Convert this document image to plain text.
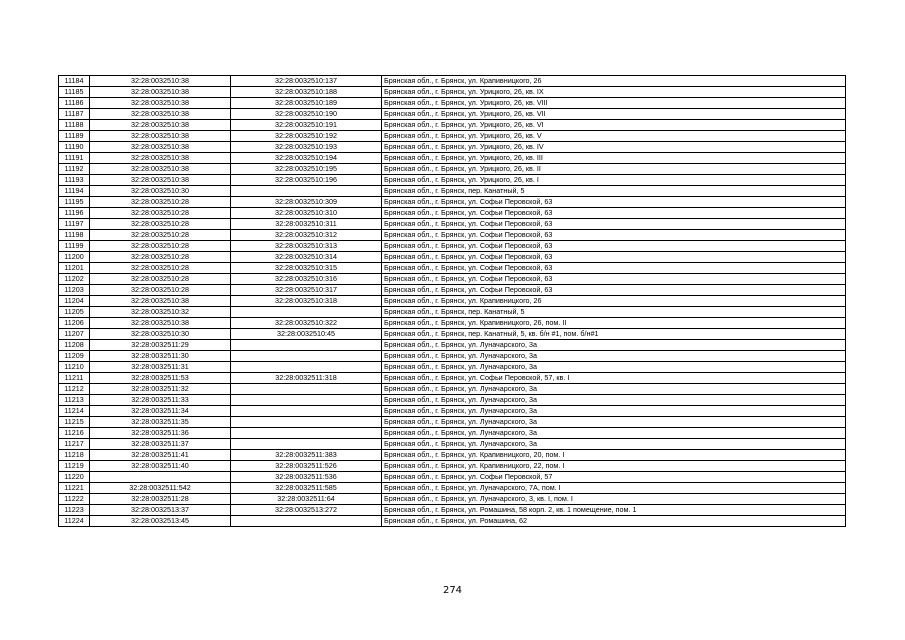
11184	32:28:0032510:38	32:28:0032510:137	Брянская обл., г. Брянск, ул. Крапивницкого, 26
11185	32:28:0032510:38	32:28:0032510:188	Брянская обл., г. Брянск, ул. Урицкого, 26, кв. IX
11186	32:28:0032510:38	32:28:0032510:189	Брянская обл., г. Брянск, ул. Урицкого, 26, кв. VIII
11187	32:28:0032510:38	32:28:0032510:190	Брянская обл., г. Брянск, ул. Урицкого, 26, кв. VII
11188	32:28:0032510:38	32:28:0032510:191	Брянская обл., г. Брянск, ул. Урицкого, 26, кв. VI
11189	32:28:0032510:38	32:28:0032510:192	Брянская обл., г. Брянск, ул. Урицкого, 26, кв. V
11190	32:28:0032510:38	32:28:0032510:193	Брянская обл., г. Брянск, ул. Урицкого, 26, кв. IV
11191	32:28:0032510:38	32:28:0032510:194	Брянская обл., г. Брянск, ул. Урицкого, 26, кв. III
11192	32:28:0032510:38	32:28:0032510:195	Брянская обл., г. Брянск, ул. Урицкого, 26, кв. II
11193	32:28:0032510:38	32:28:0032510:196	Брянская обл., г. Брянск, ул. Урицкого, 26, кв. I
11194	32:28:0032510:30		Брянская обл., г. Брянск, пер. Канатный, 5
11195	32:28:0032510:28	32:28:0032510:309	Брянская обл., г. Брянск, ул. Софьи Перовской, 63
11196	32:28:0032510:28	32:28:0032510:310	Брянская обл., г. Брянск, ул. Софьи Перовской, 63
11197	32:28:0032510:28	32:28:0032510:311	Брянская обл., г. Брянск, ул. Софьи Перовской, 63
11198	32:28:0032510:28	32:28:0032510:312	Брянская обл., г. Брянск, ул. Софьи Перовской, 63
11199	32:28:0032510:28	32:28:0032510:313	Брянская обл., г. Брянск, ул. Софьи Перовской, 63
11200	32:28:0032510:28	32:28:0032510:314	Брянская обл., г. Брянск, ул. Софьи Перовской, 63
11201	32:28:0032510:28	32:28:0032510:315	Брянская обл., г. Брянск, ул. Софьи Перовской, 63
11202	32:28:0032510:28	32:28:0032510:316	Брянская обл., г. Брянск, ул. Софьи Перовской, 63
11203	32:28:0032510:28	32:28:0032510:317	Брянская обл., г. Брянск, ул. Софьи Перовской, 63
11204	32:28:0032510:38	32:28:0032510:318	Брянская обл., г. Брянск, ул. Крапивницкого, 26
11205	32:28:0032510:32		Брянская обл., г. Брянск, пер. Канатный, 5
11206	32:28:0032510:38	32:28:0032510:322	Брянская обл., г. Брянск, ул. Крапивницкого, 26, пом. II
11207	32:28:0032510:30	32:28:0032510:45	Брянская обл., г. Брянск, пер. Канатный, 5, кв. б/н #1, пом. б/н#1
11208	32:28:0032511:29		Брянская обл., г. Брянск, ул. Луначарского, 3а
11209	32:28:0032511:30		Брянская обл., г. Брянск, ул. Луначарского, 3а
11210	32:28:0032511:31		Брянская обл., г. Брянск, ул. Луначарского, 3а
11211	32:28:0032511:53	32:28:0032511:318	Брянская обл., г. Брянск, ул. Софьи Перовской, 57, кв. I
11212	32:28:0032511:32		Брянская обл., г. Брянск, ул. Луначарского, 3а
11213	32:28:0032511:33		Брянская обл., г. Брянск, ул. Луначарского, 3а
11214	32:28:0032511:34		Брянская обл., г. Брянск, ул. Луначарского, 3а
11215	32:28:0032511:35		Брянская обл., г. Брянск, ул. Луначарского, 3а
11216	32:28:0032511:36		Брянская обл., г. Брянск, ул. Луначарского, 3а
11217	32:28:0032511:37		Брянская обл., г. Брянск, ул. Луначарского, 3а
11218	32:28:0032511:41	32:28:0032511:383	Брянская обл., г. Брянск, ул. Крапивницкого, 20, пом. I
11219	32:28:0032511:40	32:28:0032511:526	Брянская обл., г. Брянск, ул. Крапивницкого, 22, пом. I
11220		32:28:0032511:536	Брянская обл., г. Брянск, ул. Софьи Перовской, 57
11221	32:28:0032511:542	32:28:0032511:585	Брянская обл., г. Брянск, ул. Луначарского, 7А, пом. I
11222	32:28:0032511:28	32:28:0032511:64	Брянская обл., г. Брянск, ул. Луначарского, 3, кв. I, пом. I
11223	32:28:0032513:37	32:28:0032513:272	Брянская обл., г. Брянск, ул. Ромашина, 58 корп. 2, кв. 1 помещение, пом. 1
11224	32:28:0032513:45		Брянская обл., г. Брянск, ул. Ромашина, 62
274
